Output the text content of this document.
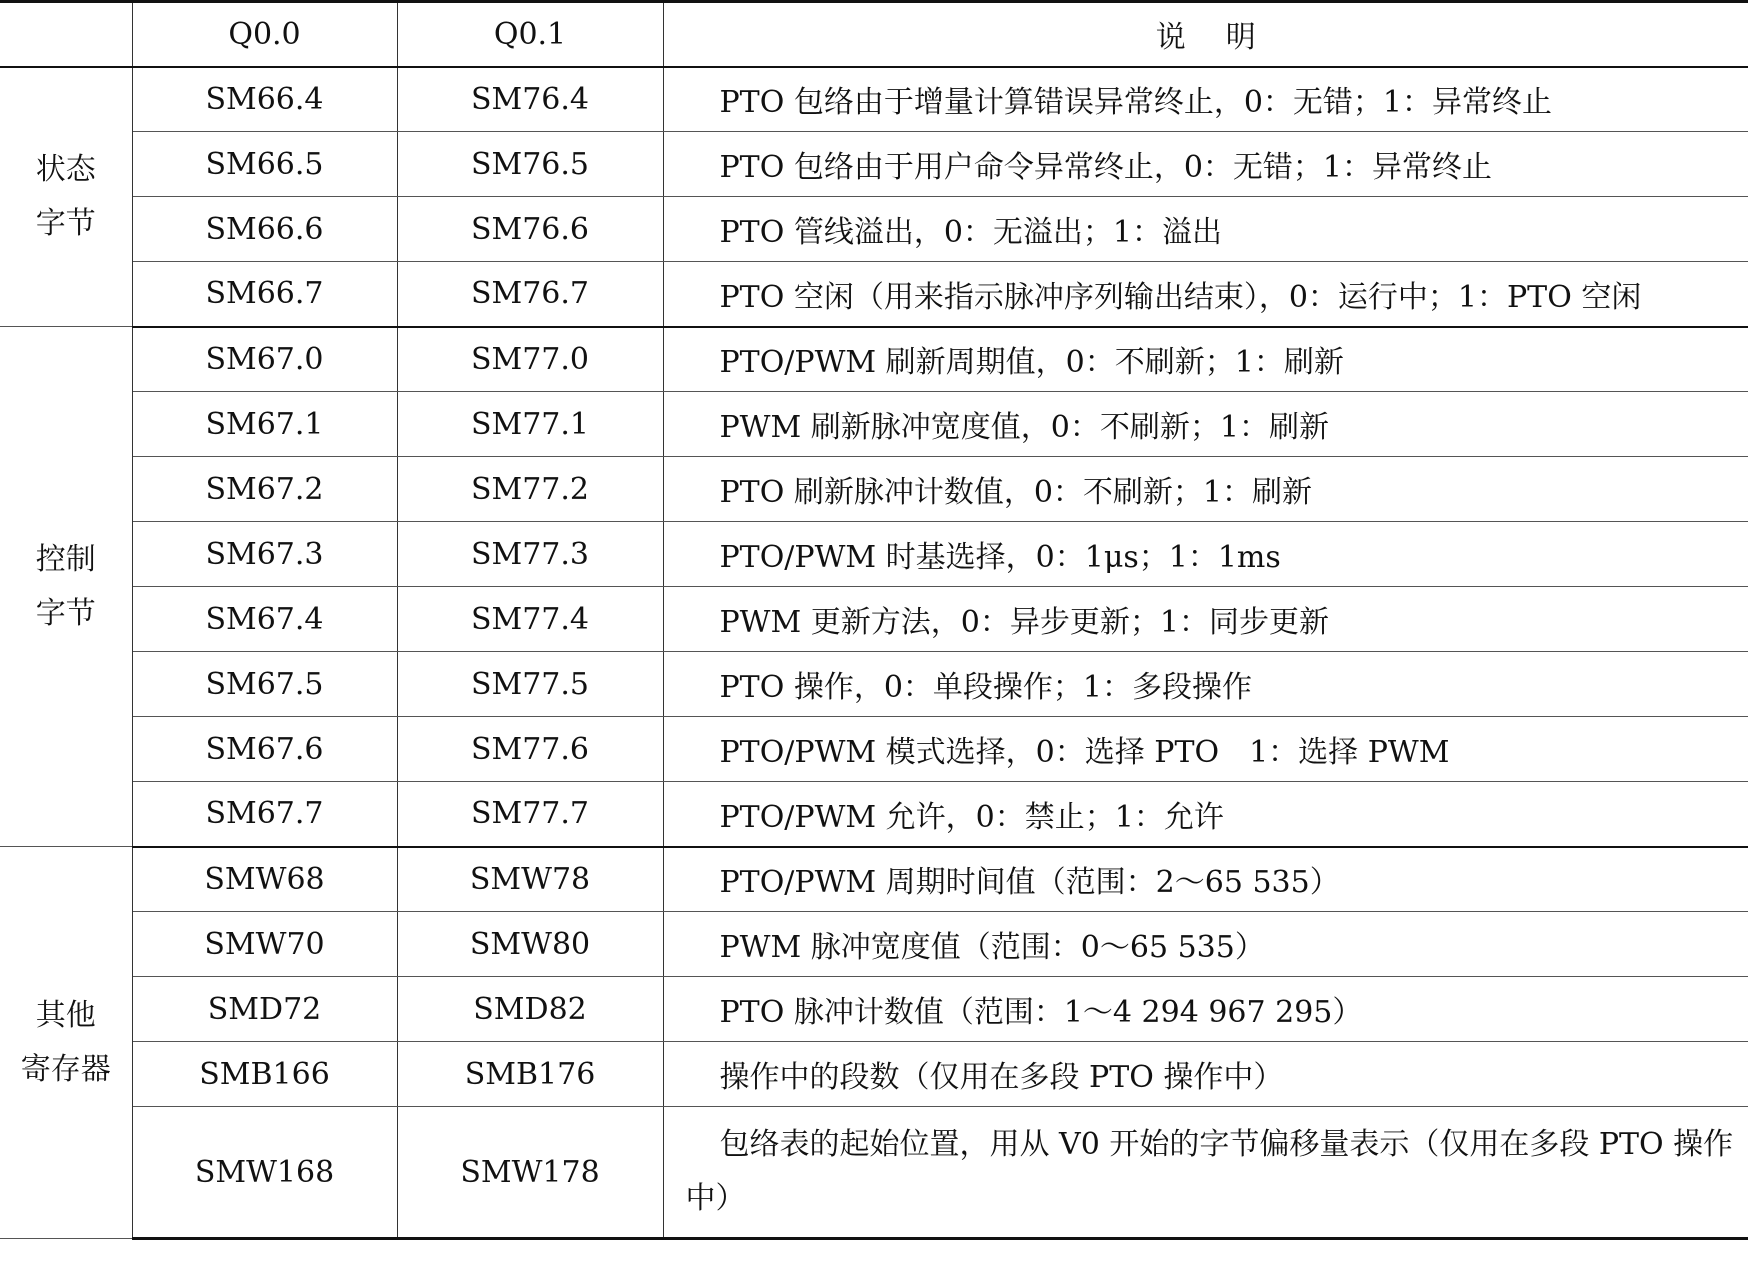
	Q0.0	Q0.1	说明
状态
字节	SM66.4	SM76.4	PTO 包络由于增量计算错误异常终止，0：无错；1：异常终止
	SM66.5	SM76.5	PTO 包络由于用户命令异常终止，0：无错；1：异常终止
	SM66.6	SM76.6	PTO 管线溢出，0：无溢出；1：溢出
	SM66.7	SM76.7	PTO 空闲（用来指示脉冲序列输出结束），0：运行中；1：PTO 空闲
控制
字节	SM67.0	SM77.0	PTO/PWM 刷新周期值，0：不刷新；1：刷新
	SM67.1	SM77.1	PWM 刷新脉冲宽度值，0：不刷新；1：刷新
	SM67.2	SM77.2	PTO 刷新脉冲计数值，0：不刷新；1：刷新
	SM67.3	SM77.3	PTO/PWM 时基选择，0：1μs；1：1ms
	SM67.4	SM77.4	PWM 更新方法，0：异步更新；1：同步更新
	SM67.5	SM77.5	PTO 操作，0：单段操作；1：多段操作
	SM67.6	SM77.6	PTO/PWM 模式选择，0：选择 PTO　1：选择 PWM
	SM67.7	SM77.7	PTO/PWM 允许，0：禁止；1：允许
其他
寄存器	SMW68	SMW78	PTO/PWM 周期时间值（范围：2～65 535）
	SMW70	SMW80	PWM 脉冲宽度值（范围：0～65 535）
	SMD72	SMD82	PTO 脉冲计数值（范围：1～4 294 967 295）
	SMB166	SMB176	操作中的段数（仅用在多段 PTO 操作中）
	SMW168	SMW178	包络表的起始位置，用从 V0 开始的字节偏移量表示（仅用在多段 PTO 操作中）
